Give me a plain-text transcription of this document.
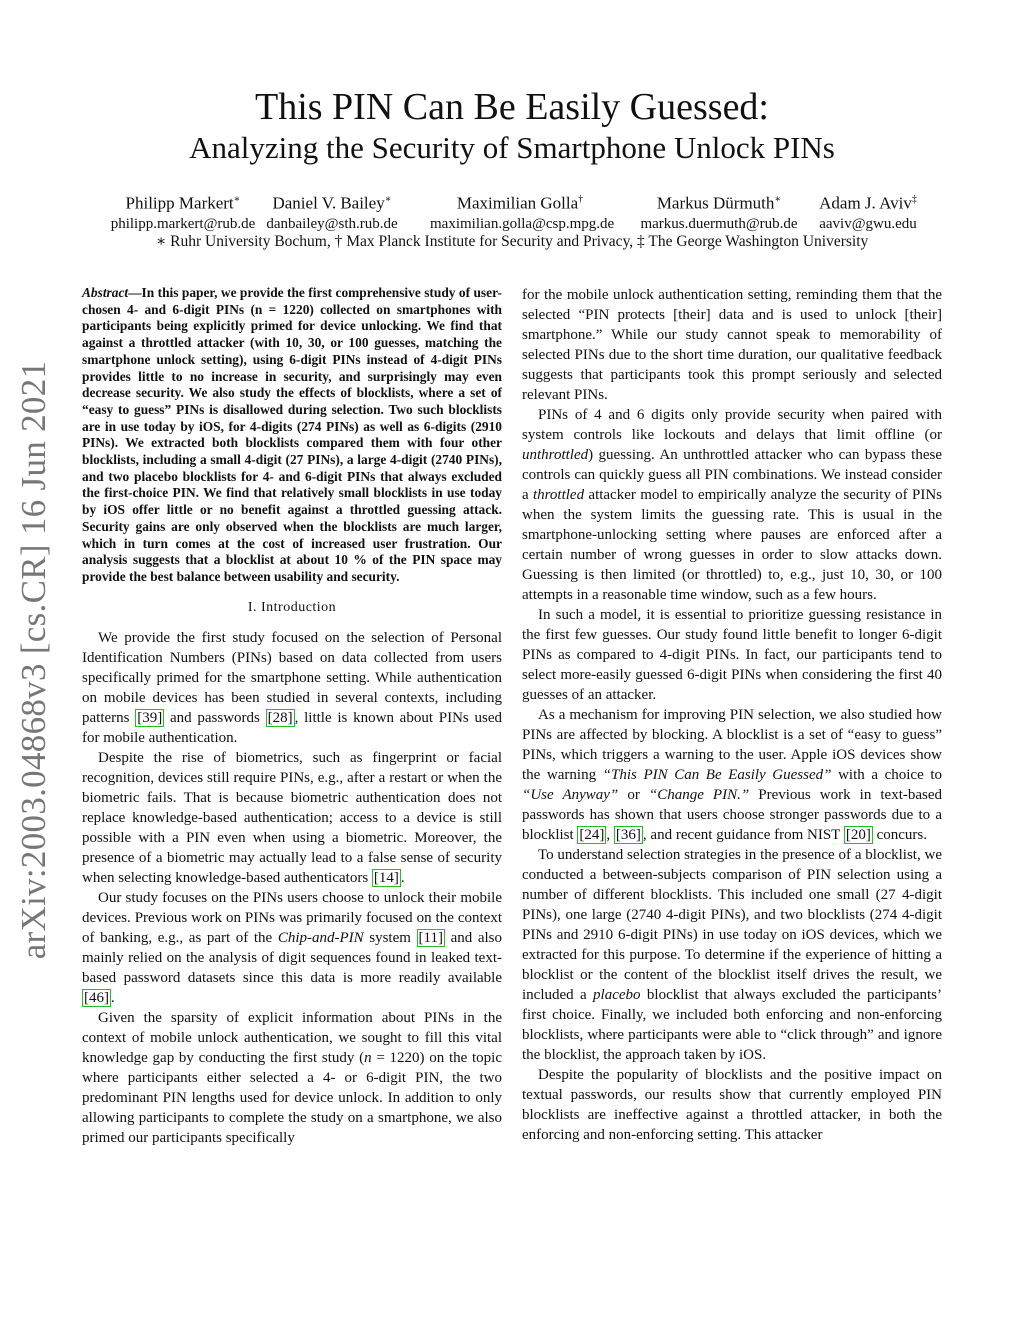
arXiv:2003.04868v3 [cs.CR] 16 Jun 2021
This PIN Can Be Easily Guessed:
Analyzing the Security of Smartphone Unlock PINs
Philipp Markert∗
philipp.markert@rub.de
Daniel V. Bailey∗
danbailey@sth.rub.de
Maximilian Golla†
maximilian.golla@csp.mpg.de
Markus Dürmuth∗
markus.duermuth@rub.de
Adam J. Aviv‡
aaviv@gwu.edu
∗ Ruhr University Bochum, † Max Planck Institute for Security and Privacy, ‡ The George Washington University
Abstract—In this paper, we provide the first comprehensive study of user-chosen 4- and 6-digit PINs (n = 1220) collected on smartphones with participants being explicitly primed for device unlocking. We find that against a throttled attacker (with 10, 30, or 100 guesses, matching the smartphone unlock setting), using 6-digit PINs instead of 4-digit PINs provides little to no increase in security, and surprisingly may even decrease security. We also study the effects of blocklists, where a set of “easy to guess” PINs is disallowed during selection. Two such blocklists are in use today by iOS, for 4-digits (274 PINs) as well as 6-digits (2910 PINs). We extracted both blocklists compared them with four other blocklists, including a small 4-digit (27 PINs), a large 4-digit (2740 PINs), and two placebo blocklists for 4- and 6-digit PINs that always excluded the first-choice PIN. We find that relatively small blocklists in use today by iOS offer little or no benefit against a throttled guessing attack. Security gains are only observed when the blocklists are much larger, which in turn comes at the cost of increased user frustration. Our analysis suggests that a blocklist at about 10 % of the PIN space may provide the best balance between usability and security.
I. Introduction

We provide the first study focused on the selection of Personal Identification Numbers (PINs) based on data collected from users specifically primed for the smartphone setting. While authentication on mobile devices has been studied in several contexts, including patterns [39] and passwords [28] , little is known about PINs used for mobile authentication.

Despite the rise of biometrics, such as fingerprint or facial recognition, devices still require PINs, e.g., after a restart or when the biometric fails. That is because biometric authentication does not replace knowledge-based authentication; access to a device is still possible with a PIN even when using a biometric. Moreover, the presence of a biometric may actually lead to a false sense of security when selecting knowledge-based authenticators [14] .

Our study focuses on the PINs users choose to unlock their mobile devices. Previous work on PINs was primarily focused on the context of banking, e.g., as part of the Chip-and-PIN system [11] and also mainly relied on the analysis of digit sequences found in leaked text-based password datasets since this data is more readily available [46] .

Given the sparsity of explicit information about PINs in the context of mobile unlock authentication, we sought to fill this vital knowledge gap by conducting the first study (n = 1220) on the topic where participants either selected a 4- or 6-digit PIN, the two predominant PIN lengths used for device unlock. In addition to only allowing participants to complete the study on a smartphone, we also primed our participants specifically

for the mobile unlock authentication setting, reminding them that the selected “PIN protects [their] data and is used to unlock [their] smartphone.” While our study cannot speak to memorability of selected PINs due to the short time duration, our qualitative feedback suggests that participants took this prompt seriously and selected relevant PINs.

PINs of 4 and 6 digits only provide security when paired with system controls like lockouts and delays that limit offline (or unthrottled) guessing. An unthrottled attacker who can bypass these controls can quickly guess all PIN combinations. We instead consider a throttled attacker model to empirically analyze the security of PINs when the system limits the guessing rate. This is usual in the smartphone-unlocking setting where pauses are enforced after a certain number of wrong guesses in order to slow attacks down. Guessing is then limited (or throttled) to, e.g., just 10, 30, or 100 attempts in a reasonable time window, such as a few hours.

In such a model, it is essential to prioritize guessing resistance in the first few guesses. Our study found little benefit to longer 6-digit PINs as compared to 4-digit PINs. In fact, our participants tend to select more-easily guessed 6-digit PINs when considering the first 40 guesses of an attacker.

As a mechanism for improving PIN selection, we also studied how PINs are affected by blocking. A blocklist is a set of “easy to guess” PINs, which triggers a warning to the user. Apple iOS devices show the warning “This PIN Can Be Easily Guessed” with a choice to “Use Anyway” or “Change PIN.” Previous work in text-based passwords has shown that users choose stronger passwords due to a blocklist [24] , [36] , and recent guidance from NIST [20] concurs.

To understand selection strategies in the presence of a blocklist, we conducted a between-subjects comparison of PIN selection using a number of different blocklists. This included one small (27 4-digit PINs), one large (2740 4-digit PINs), and two blocklists (274 4-digit PINs and 2910 6-digit PINs) in use today on iOS devices, which we extracted for this purpose. To determine if the experience of hitting a blocklist or the content of the blocklist itself drives the result, we included a placebo blocklist that always excluded the participants’ first choice. Finally, we included both enforcing and non-enforcing blocklists, where participants were able to “click through” and ignore the blocklist, the approach taken by iOS.

Despite the popularity of blocklists and the positive impact on textual passwords, our results show that currently employed PIN blocklists are ineffective against a throttled attacker, in both the enforcing and non-enforcing setting. This attacker
